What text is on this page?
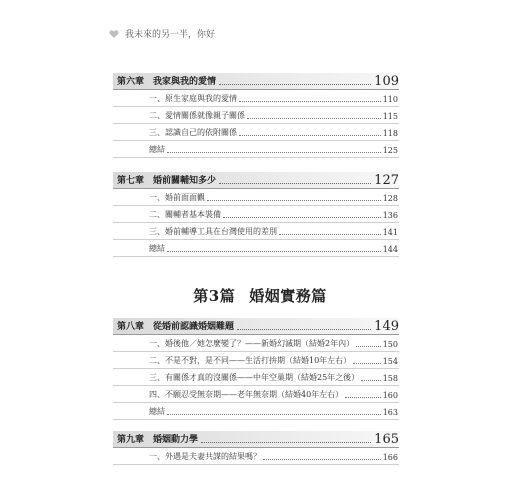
我未來的另一半，你好
第六章 我家與我的愛情	109
一、原生家庭與我的愛情	110
二、愛情關係就像親子關係	115
三、認識自己的依附關係	118
總結	125
第七章 婚前關輔知多少	127
一、婚前面面觀	128
二、關輔者基本裝備	136
三、婚前輔導工具在台灣使用的差別	141
總結	144
第3篇 婚姻實務篇
第八章 從婚前認識婚姻難題	149
一、婚後他／她怎麼變了？——新婚幻滅期（結婚2年內）	150
二、不是不對，是不同——生活打拚期（結婚10年左右）	154
三、有關係才真的沒關係——中年空巢期（結婚25年之後）	158
四、不願忍受無奈期——老年無奈期（結婚40年左右）	160
總結	163
第九章 婚姻動力學	165
一、外遇是夫妻共謀的結果嗎？	166
